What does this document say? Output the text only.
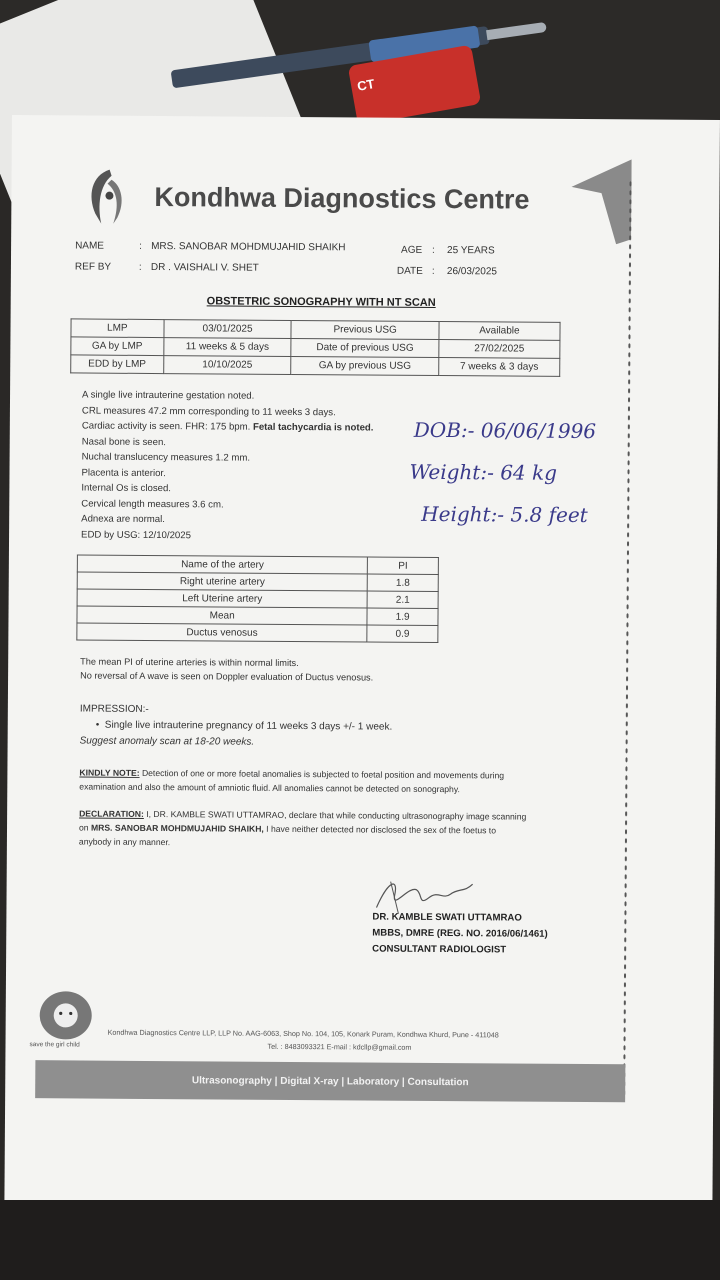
CT
Kondhwa Diagnostics Centre
NAME	: MRS. SANOBAR MOHDMUJAHID SHAIKH	AGE : 25 YEARS
REF BY	: DR . VAISHALI V. SHET	DATE : 26/03/2025
OBSTETRIC SONOGRAPHY WITH NT SCAN
LMP	03/01/2025	Previous USG	Available
GA by LMP	11 weeks & 5 days	Date of previous USG	27/02/2025
EDD by LMP	10/10/2025	GA by previous USG	7 weeks & 3 days
A single live intrauterine gestation noted.
CRL measures 47.2 mm corresponding to 11 weeks 3 days.
Cardiac activity is seen. FHR: 175 bpm. Fetal tachycardia is noted.
Nasal bone is seen.
Nuchal translucency measures 1.2 mm.
Placenta is anterior.
Internal Os is closed.
Cervical length measures 3.6 cm.
Adnexa are normal.
EDD by USG: 12/10/2025
DOB:- 06/06/1996
Weight:- 64 kg
Height:- 5.8 feet
Name of the artery	PI
Right uterine artery	1.8
Left Uterine artery	2.1
Mean	1.9
Ductus venosus	0.9

The mean PI of uterine arteries is within normal limits.

No reversal of A wave is seen on Doppler evaluation of Ductus venosus.

IMPRESSION:-

•  Single live intrauterine pregnancy of 11 weeks 3 days +/- 1 week.

Suggest anomaly scan at 18-20 weeks.

KINDLY NOTE: Detection of one or more foetal anomalies is subjected to foetal position and movements during

examination and also the amount of amniotic fluid. All anomalies cannot be detected on sonography.

DECLARATION: I, DR. KAMBLE SWATI UTTAMRAO, declare that while conducting ultrasonography image scanning

on MRS. SANOBAR MOHDMUJAHID SHAIKH, I have neither detected nor disclosed the sex of the foetus to

anybody in any manner.

DR. KAMBLE SWATI UTTAMRAO
MBBS, DMRE (REG. NO. 2016/06/1461)
CONSULTANT RADIOLOGIST
save the girl child
Kondhwa Diagnostics Centre LLP, LLP No. AAG-6063, Shop No. 104, 105, Konark Puram, Kondhwa Khurd, Pune - 411048
Tel. : 8483093321 E-mail : kdcllp@gmail.com
Ultrasonography | Digital X-ray | Laboratory | Consultation
